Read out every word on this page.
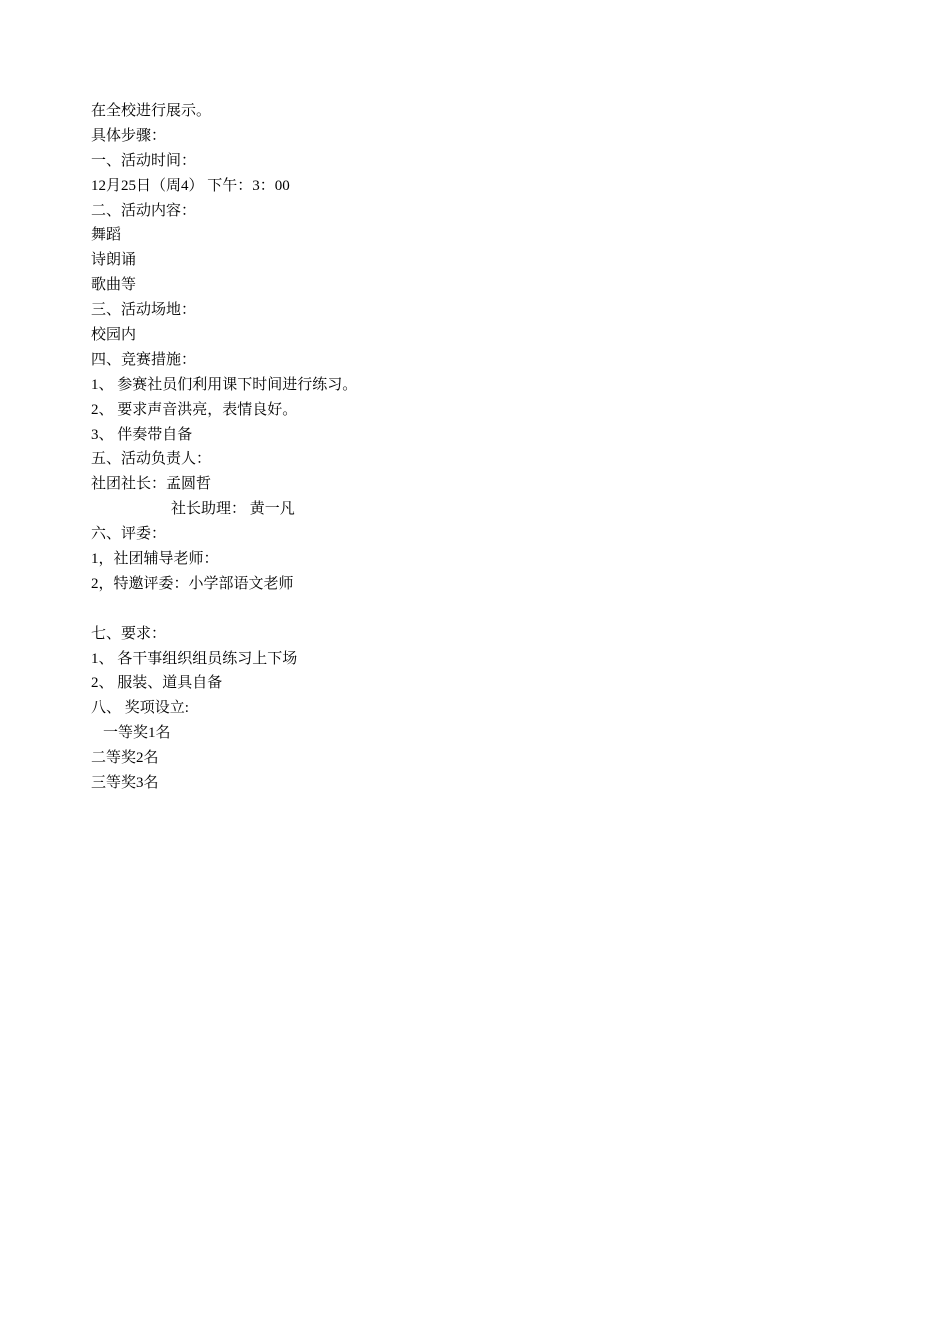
在全校进行展示。
具体步骤：
一、活动时间：
12月25日（周4） 下午：3：00
二、活动内容：
舞蹈
诗朗诵
歌曲等
三、活动场地：
校园内
四、竞赛措施：
1、 参赛社员们利用课下时间进行练习。
2、 要求声音洪亮，表情良好。
3、 伴奏带自备
五、活动负责人：
社团社长：孟圆哲
社长助理： 黄一凡
六、评委：
1，社团辅导老师：
2，特邀评委：小学部语文老师
七、要求：
1、 各干事组织组员练习上下场
2、 服装、道具自备
八、 奖项设立:
一等奖1名
二等奖2名
三等奖3名
